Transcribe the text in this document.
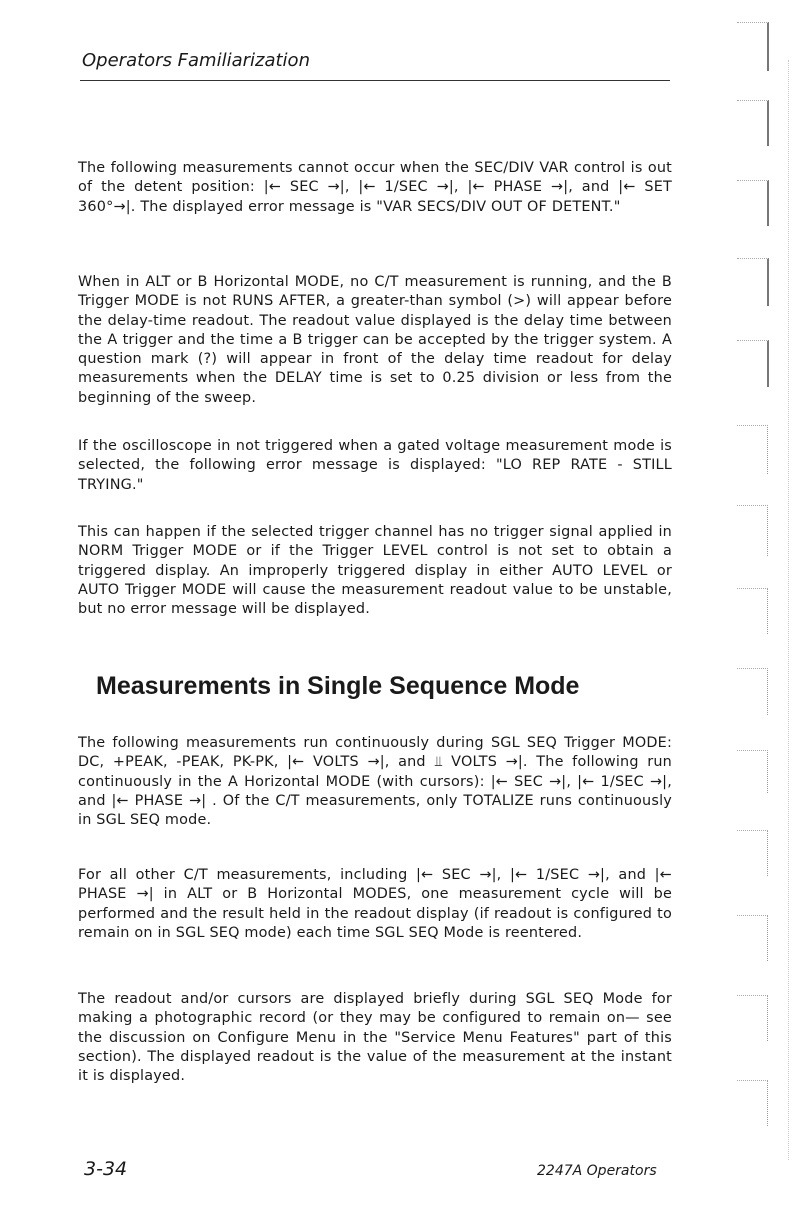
Operators Familiarization

The following measurements cannot occur when the SEC/DIV VAR control is out of the detent position: |← SEC →|, |← 1/SEC →|, |← PHASE →|, and |← SET 360°→|. The displayed error message is "VAR SECS/DIV OUT OF DETENT."

When in ALT or B Horizontal MODE, no C/T measurement is running, and the B Trigger MODE is not RUNS AFTER, a greater-than symbol (>) will appear before the delay-time readout. The readout value displayed is the delay time between the A trigger and the time a B trigger can be accepted by the trigger system. A question mark (?) will appear in front of the delay time readout for delay measurements when the DELAY time is set to 0.25 division or less from the beginning of the sweep.

If the oscilloscope in not triggered when a gated voltage measurement mode is selected, the following error message is displayed: "LO REP RATE - STILL TRYING."

This can happen if the selected trigger channel has no trigger signal applied in NORM Trigger MODE or if the Trigger LEVEL control is not set to obtain a triggered display. An improperly triggered display in either AUTO LEVEL or AUTO Trigger MODE will cause the measurement readout value to be unstable, but no error message will be displayed.

Measurements in Single Sequence Mode

The following measurements run continuously during SGL SEQ Trigger MODE: DC, +PEAK, -PEAK, PK-PK, |← VOLTS →|, and ⫫ VOLTS →|. The following run continuously in the A Horizontal MODE (with cursors): |← SEC →|, |← 1/SEC →|, and |← PHASE →| . Of the C/T measurements, only TOTALIZE runs continuously in SGL SEQ mode.

For all other C/T measurements, including |← SEC →|, |← 1/SEC →|, and |← PHASE →| in ALT or B Horizontal MODES, one measurement cycle will be performed and the result held in the readout display (if readout is configured to remain on in SGL SEQ mode) each time SGL SEQ Mode is reentered.

The readout and/or cursors are displayed briefly during SGL SEQ Mode for making a photographic record (or they may be configured to remain on— see the discussion on Configure Menu in the "Service Menu Features" part of this section). The displayed readout is the value of the measurement at the instant it is displayed.

3-34	2247A Operators
